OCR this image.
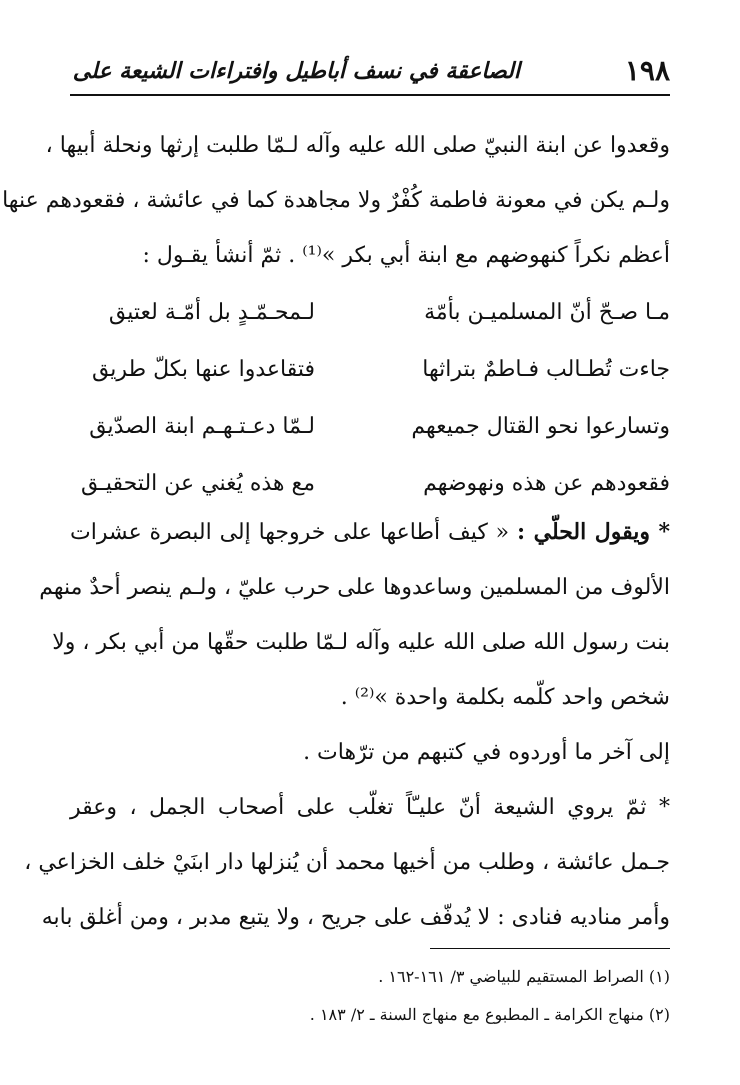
١٩٨
الصاعقة في نسف أباطيل وافتراءات الشيعة على
وقعدوا عن ابنة النبيّ صلى الله عليه وآله لـمّا طلبت إرثها ونحلة أبيها ،
ولـم يكن في معونة فاطمة كُفْرٌ ولا مجاهدة كما في عائشة ، فقعودهم عنها
أعظم نكراً كنهوضهم مع ابنة أبي بكر »⁽¹⁾ . ثمّ أنشأ يقـول :
مـا صـحّ أنّ المسلميـن بأمّة
لـمحـمّـدٍ بل أمّـة لعتيق
جاءت تُطـالب فـاطمٌ بتراثها
فتقاعدوا عنها بكلّ طريق
وتسارعوا نحو القتال جميعهم
لـمّا دعـتـهـم ابنة الصدّيق
فقعودهم عن هذه ونهوضهم
مع هذه يُغني عن التحقيـق
* ويقول الحلّي : « كيف أطاعها على خروجها إلى البصرة عشرات
الألوف من المسلمين وساعدوها على حرب عليّ ، ولـم ينصر أحدٌ منهم
بنت رسول الله صلى الله عليه وآله لـمّا طلبت حقّها من أبي بكر ، ولا
شخص واحد كلّمه بكلمة واحدة »⁽²⁾ .
إلى آخر ما أوردوه في كتبهم من ترّهات .
* ثمّ يروي الشيعة أنّ عليـّاً تغلّب على أصحاب الجمل ، وعقر
جـمل عائشة ، وطلب من أخيها محمد أن يُنزلها دار ابنَيْ خلف الخزاعي ،
وأمر مناديه فنادى : لا يُدفّف على جريح ، ولا يتبع مدبر ، ومن أغلق بابه
(١) الصراط المستقيم للبياضي ٣/ ١٦١-١٦٢ .
(٢) منهاج الكرامة ـ المطبوع مع منهاج السنة ـ ٢/ ١٨٣ .
